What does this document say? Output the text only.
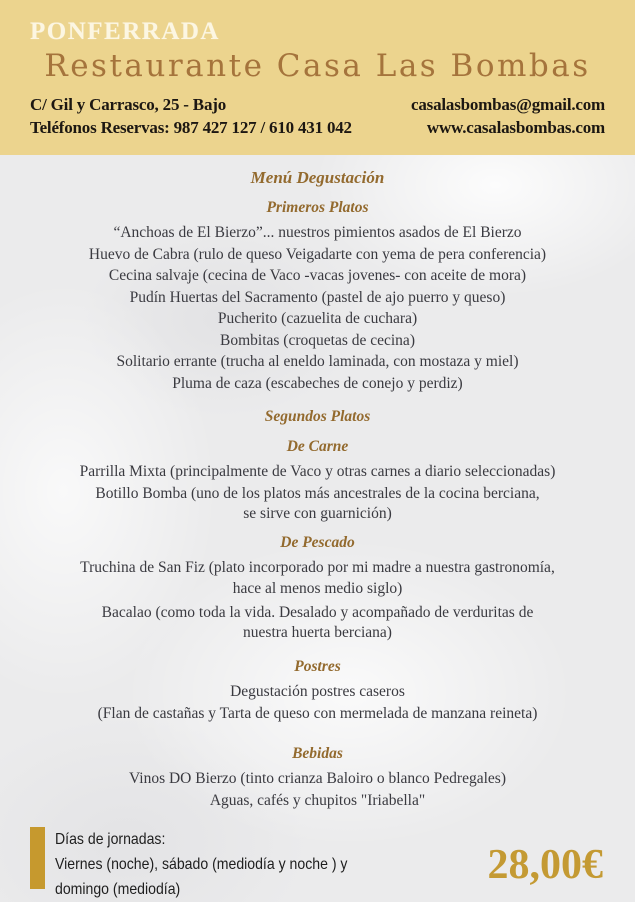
PONFERRADA
Restaurante Casa Las Bombas
C/ Gil y Carrasco, 25 - Bajo
Teléfonos Reservas: 987 427 127 / 610 431 042
casalasbombas@gmail.com
www.casalasbombas.com
Menú Degustación
Primeros Platos
“Anchoas de El Bierzo”... nuestros pimientos asados de El Bierzo
Huevo de Cabra (rulo de queso Veigadarte con yema de pera conferencia)
Cecina salvaje (cecina de Vaco -vacas jovenes- con aceite de mora)
Pudín Huertas del Sacramento (pastel de ajo puerro y queso)
Pucherito (cazuelita de cuchara)
Bombitas (croquetas de cecina)
Solitario errante (trucha al eneldo laminada, con mostaza y miel)
Pluma de caza (escabeches de conejo y perdiz)
Segundos Platos
De Carne
Parrilla Mixta (principalmente de Vaco y otras carnes a diario seleccionadas)
Botillo Bomba (uno de los platos más ancestrales de la cocina berciana,
se sirve con guarnición)
De Pescado
Truchina de San Fiz (plato incorporado por mi madre a nuestra gastronomía,
hace al menos medio siglo)
Bacalao (como toda la vida. Desalado y acompañado de verduritas de
nuestra huerta berciana)
Postres
Degustación postres caseros
(Flan de castañas y Tarta de queso con mermelada de manzana reineta)
Bebidas
Vinos DO Bierzo (tinto crianza Baloiro o blanco Pedregales)
Aguas, cafés y chupitos "Iriabella"
Días de jornadas:
Viernes (noche), sábado (mediodía y noche ) y
domingo (mediodía)
28,00€
